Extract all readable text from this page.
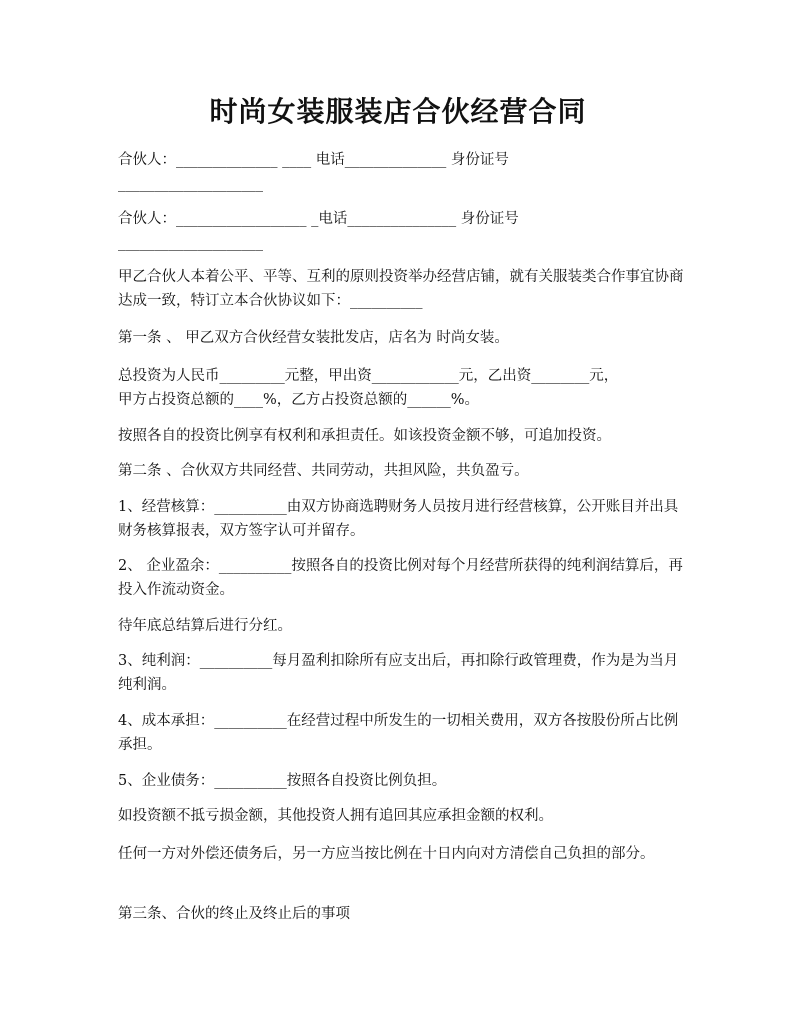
时尚女装服装店合伙经营合同
合伙人：______________ ____ 电话______________ 身份证号
____________________
合伙人：__________________ _电话_______________ 身份证号
____________________
甲乙合伙人本着公平、平等、互利的原则投资举办经营店铺，就有关服装类合作事宜协商达成一致，特订立本合伙协议如下：__________
第一条 、 甲乙双方合伙经营女装批发店，店名为 时尚女装。
总投资为人民币_________元整，甲出资____________元，乙出资________元，
甲方占投资总额的____%，乙方占投资总额的______%。
按照各自的投资比例享有权利和承担责任。如该投资金额不够，可追加投资。
第二条 、合伙双方共同经营、共同劳动，共担风险，共负盈亏。
1、经营核算：__________由双方协商选聘财务人员按月进行经营核算，公开账目并出具财务核算报表，双方签字认可并留存。
2、 企业盈余：__________按照各自的投资比例对每个月经营所获得的纯利润结算后，再投入作流动资金。
待年底总结算后进行分红。
3、纯利润：__________每月盈利扣除所有应支出后，再扣除行政管理费，作为是为当月纯利润。
4、成本承担：__________在经营过程中所发生的一切相关费用，双方各按股份所占比例承担。
5、企业债务：__________按照各自投资比例负担。
如投资额不抵亏损金额，其他投资人拥有追回其应承担金额的权利。
任何一方对外偿还债务后，另一方应当按比例在十日内向对方清偿自己负担的部分。
第三条、合伙的终止及终止后的事项
